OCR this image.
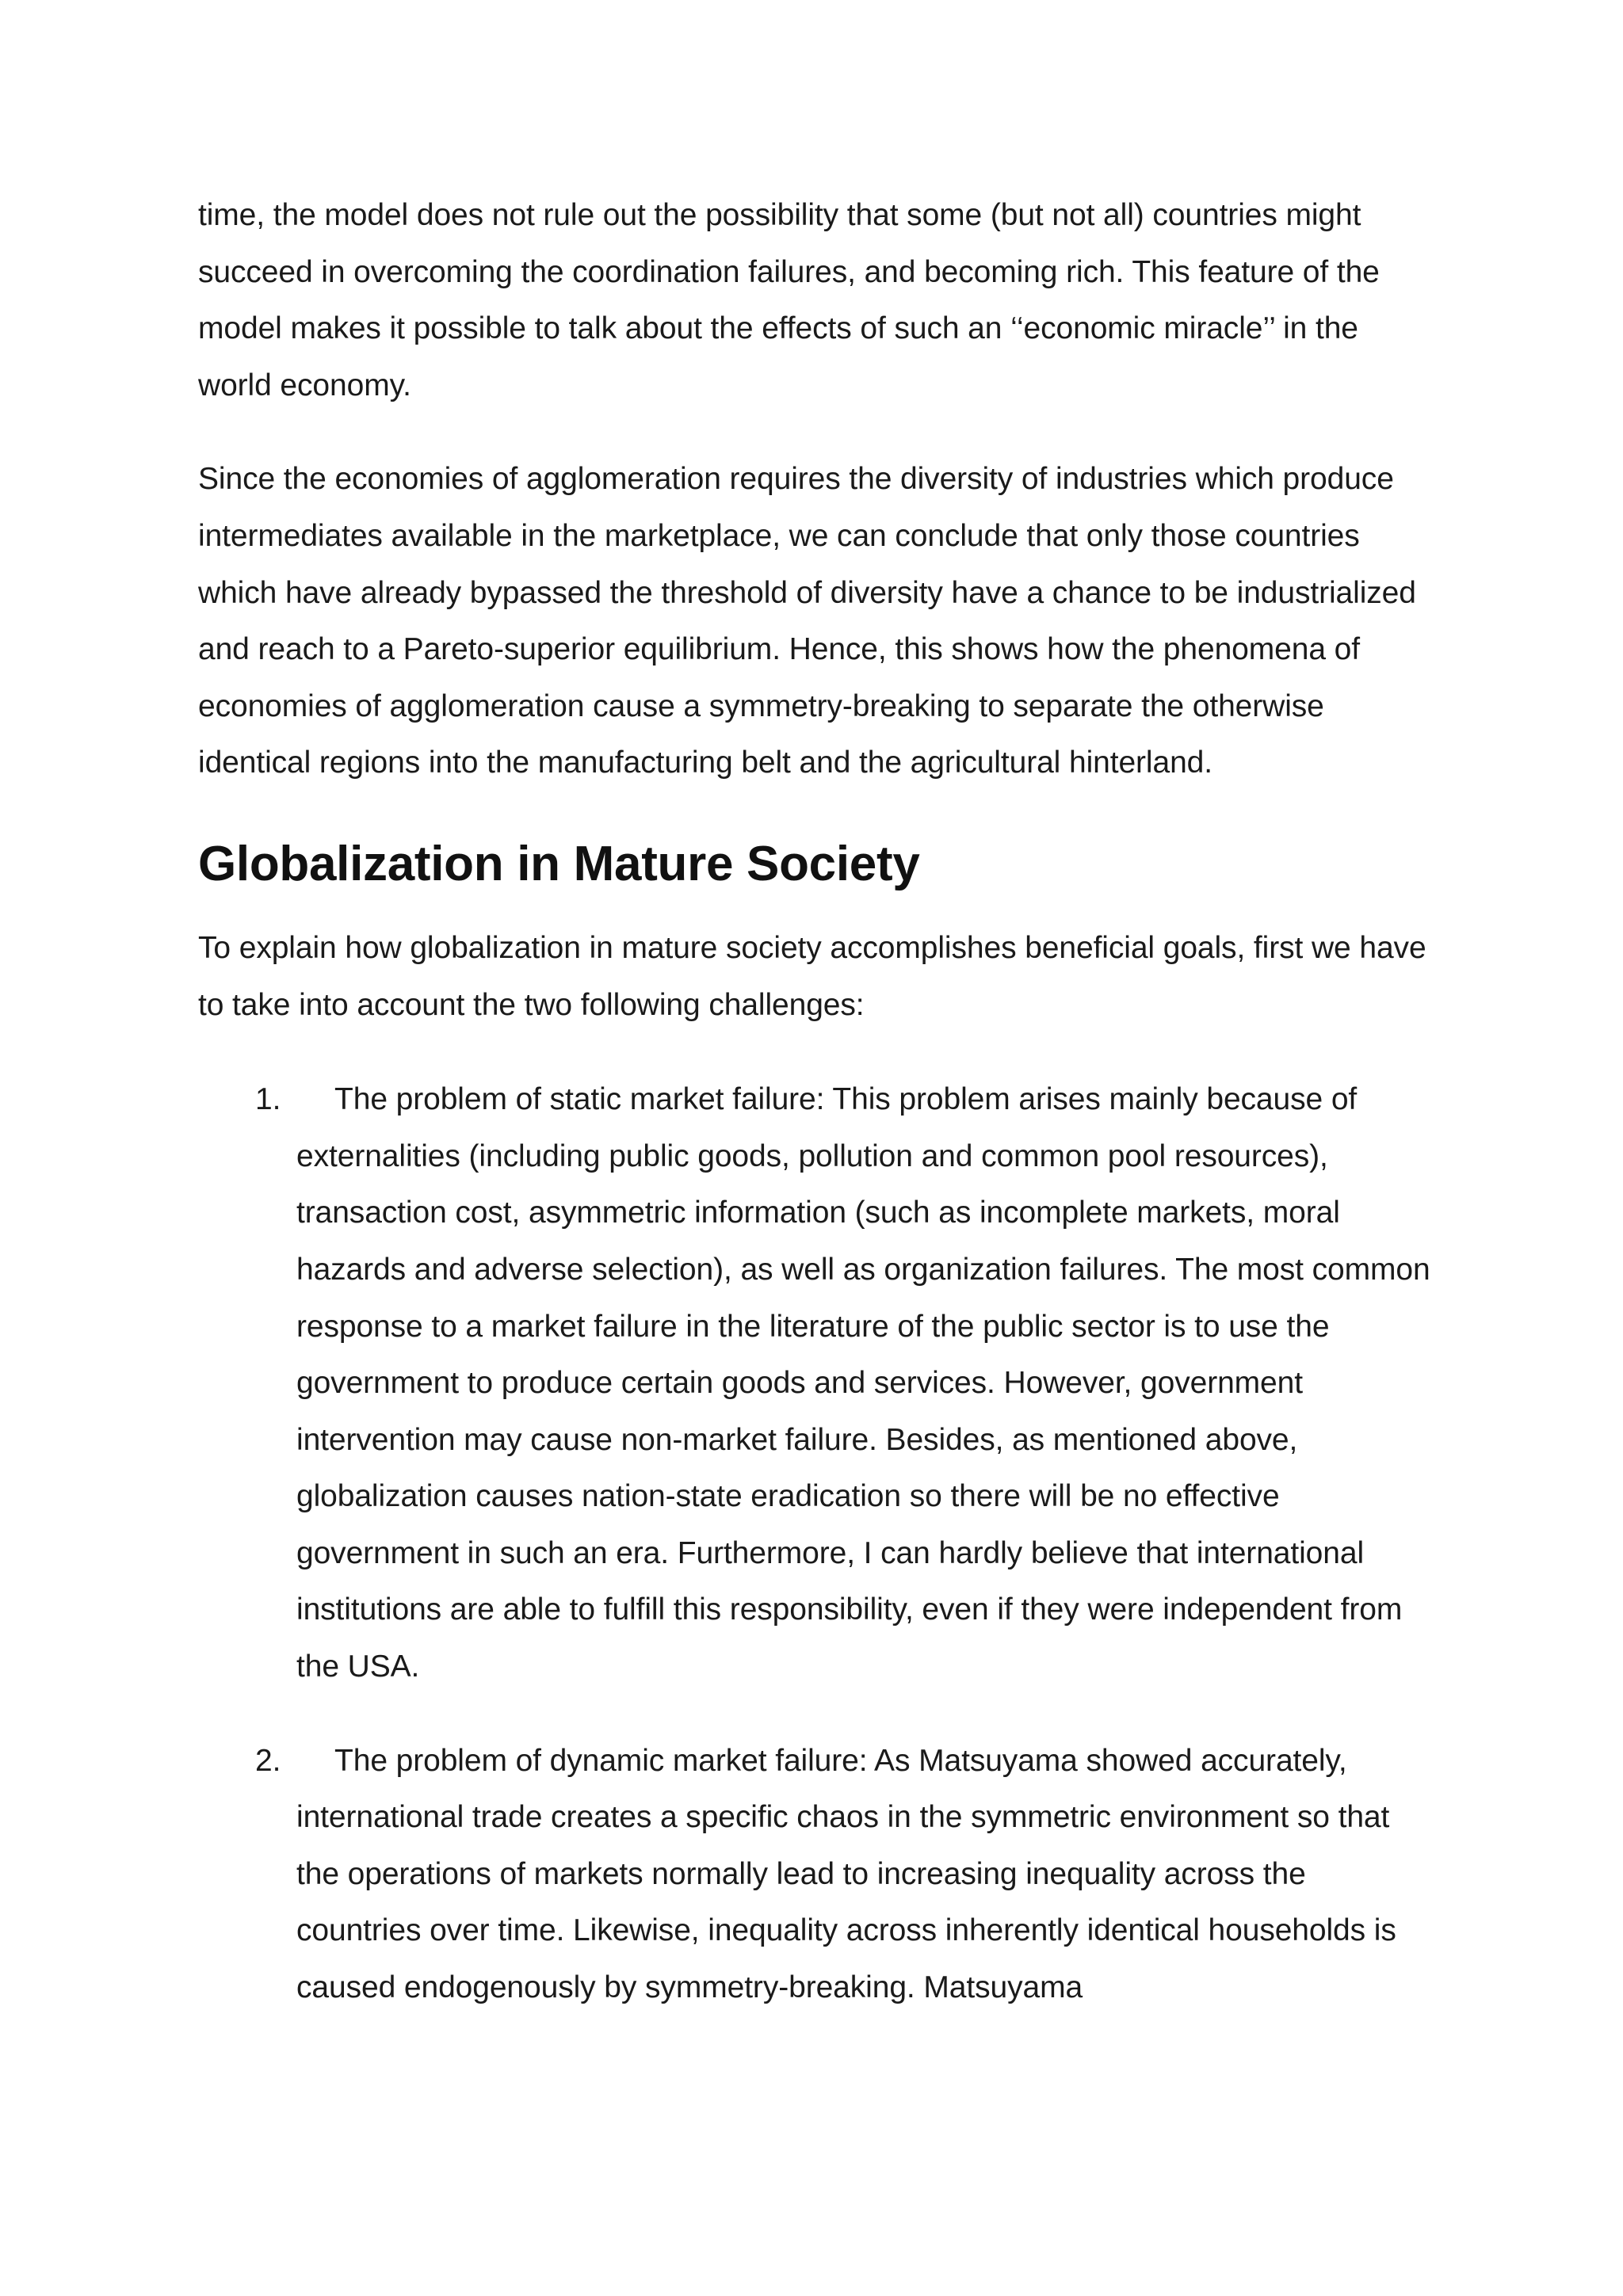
time, the model does not rule out the possibility that some (but not all) countries might succeed in overcoming the coordination failures, and becoming rich. This feature of the model makes it possible to talk about the effects of such an ‘‘economic miracle’’ in the world economy.

Since the economies of agglomeration requires the diversity of industries which produce intermediates available in the marketplace, we can conclude that only those countries which have already bypassed the threshold of diversity have a chance to be industrialized and reach to a Pareto-superior equilibrium. Hence, this shows how the phenomena of economies of agglomeration cause a symmetry-breaking to separate the otherwise identical regions into the manufacturing belt and the agricultural hinterland.

Globalization in Mature Society

To explain how globalization in mature society accomplishes beneficial goals, first we have to take into account the two following challenges:

1.	The problem of static market failure: This problem arises mainly because of externalities (including public goods, pollution and common pool resources), transaction cost, asymmetric information (such as incomplete markets, moral hazards and adverse selection), as well as organization failures. The most common response to a market failure in the literature of the public sector is to use the government to produce certain goods and services. However, government intervention may cause non-market failure. Besides, as mentioned above, globalization causes nation-state eradication so there will be no effective government in such an era. Furthermore, I can hardly believe that international institutions are able to fulfill this responsibility, even if they were independent from the USA.
2.	The problem of dynamic market failure: As Matsuyama showed accurately, international trade creates a specific chaos in the symmetric environment so that the operations of markets normally lead to increasing inequality across the countries over time. Likewise, inequality across inherently identical households is caused endogenously by symmetry-breaking. Matsuyama
